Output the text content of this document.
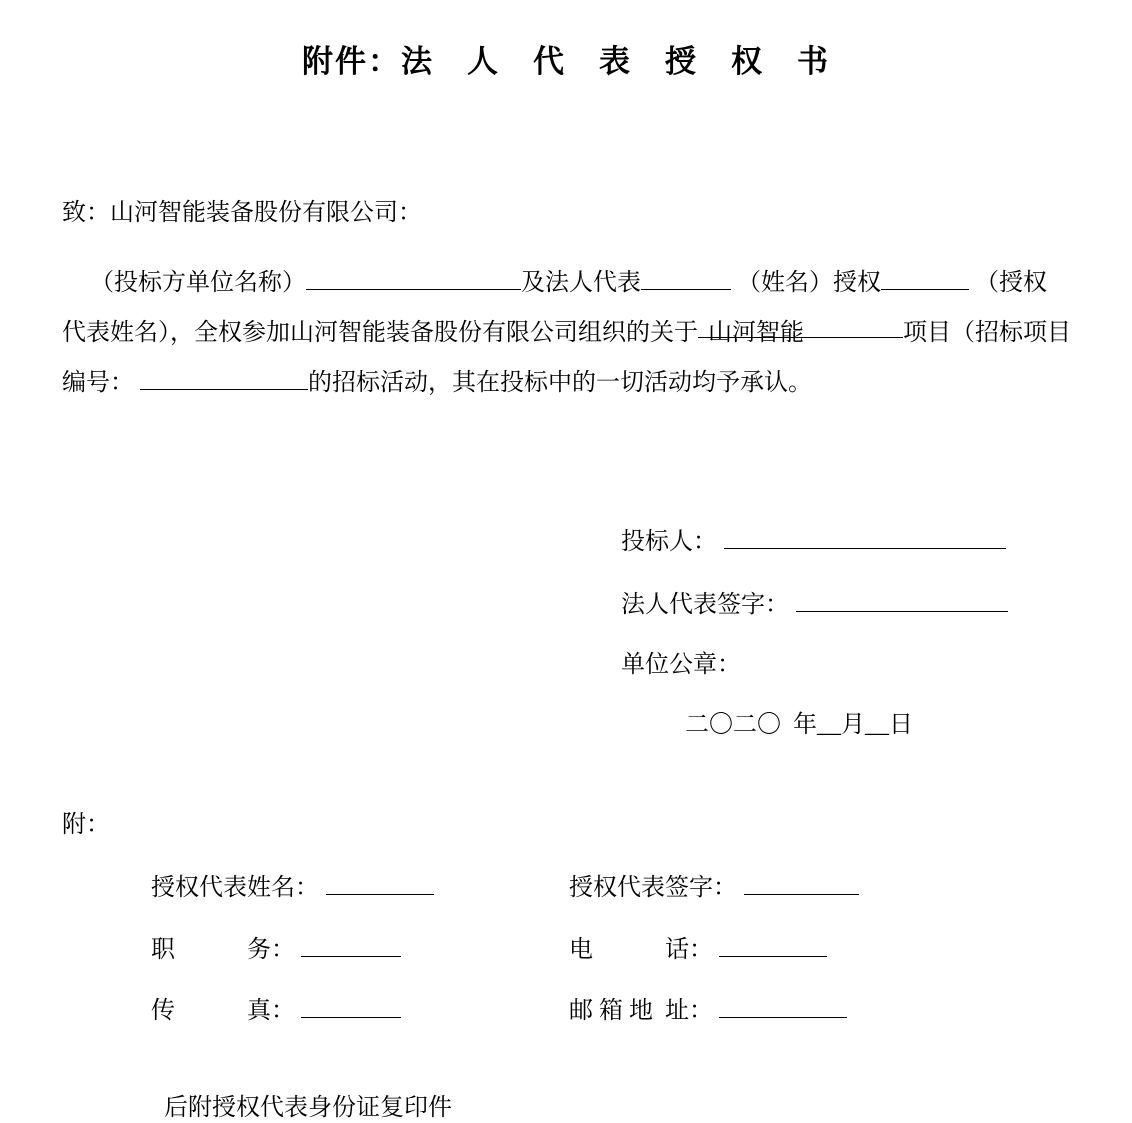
附件：法　人　代　表　授　权　书
致：山河智能装备股份有限公司：
（投标方单位名称）	及法人代表	（姓名）授权	（授权
代表姓名），全权参加山河智能装备股份有限公司组织的关于 山河智能	项目（招标项目
编号：	的招标活动，其在投标中的一切活动均予承认。

投标人：

法人代表签字：

单位公章：

二〇二〇  年__月__日

附：

授权代表姓名：
	授权代表签字：

职　　　务：
	电　　　话：

传　　　真：
	邮 箱 地  址：

后附授权代表身份证复印件
